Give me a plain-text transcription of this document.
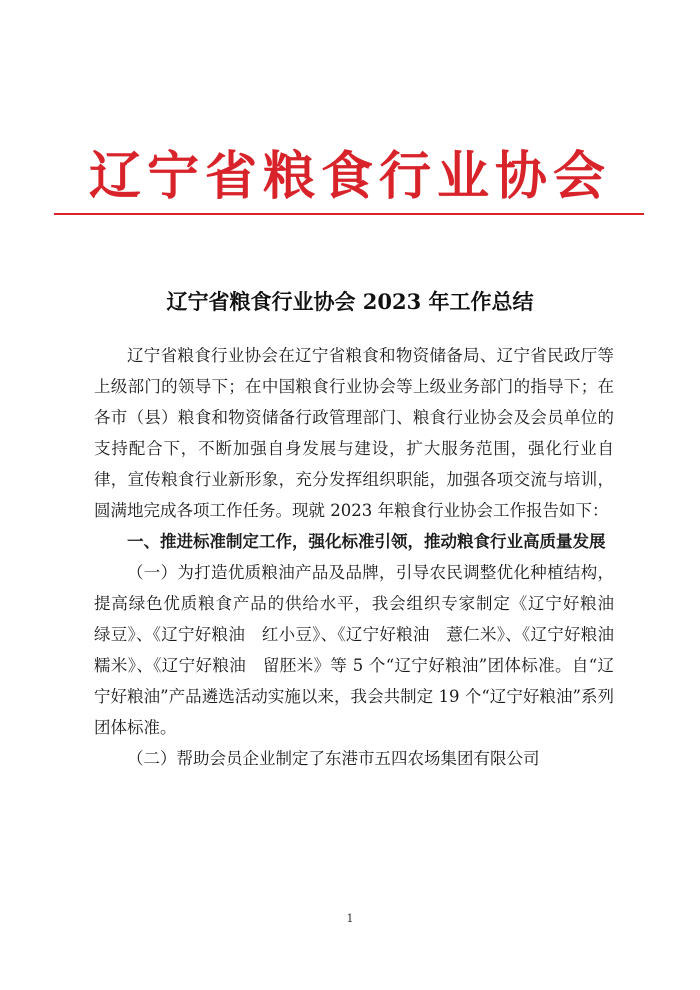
辽宁省粮食行业协会
辽宁省粮食行业协会 2023 年工作总结

辽宁省粮食行业协会在辽宁省粮食和物资储备局、辽宁省民政厅等上级部门的领导下；在中国粮食行业协会等上级业务部门的指导下；在各市（县）粮食和物资储备行政管理部门、粮食行业协会及会员单位的支持配合下，不断加强自身发展与建设，扩大服务范围，强化行业自律，宣传粮食行业新形象，充分发挥组织职能，加强各项交流与培训，圆满地完成各项工作任务。现就 2023 年粮食行业协会工作报告如下：

一、推进标准制定工作，强化标准引领，推动粮食行业高质量发展

（一）为打造优质粮油产品及品牌，引导农民调整优化种植结构，提高绿色优质粮食产品的供给水平，我会组织专家制定《辽宁好粮油　绿豆》、《辽宁好粮油　红小豆》、《辽宁好粮油　薏仁米》、《辽宁好粮油　糯米》、《辽宁好粮油　留胚米》等 5 个“辽宁好粮油”团体标准。自“辽宁好粮油”产品遴选活动实施以来，我会共制定 19 个“辽宁好粮油”系列团体标准。

（二）帮助会员企业制定了东港市五四农场集团有限公司

1
